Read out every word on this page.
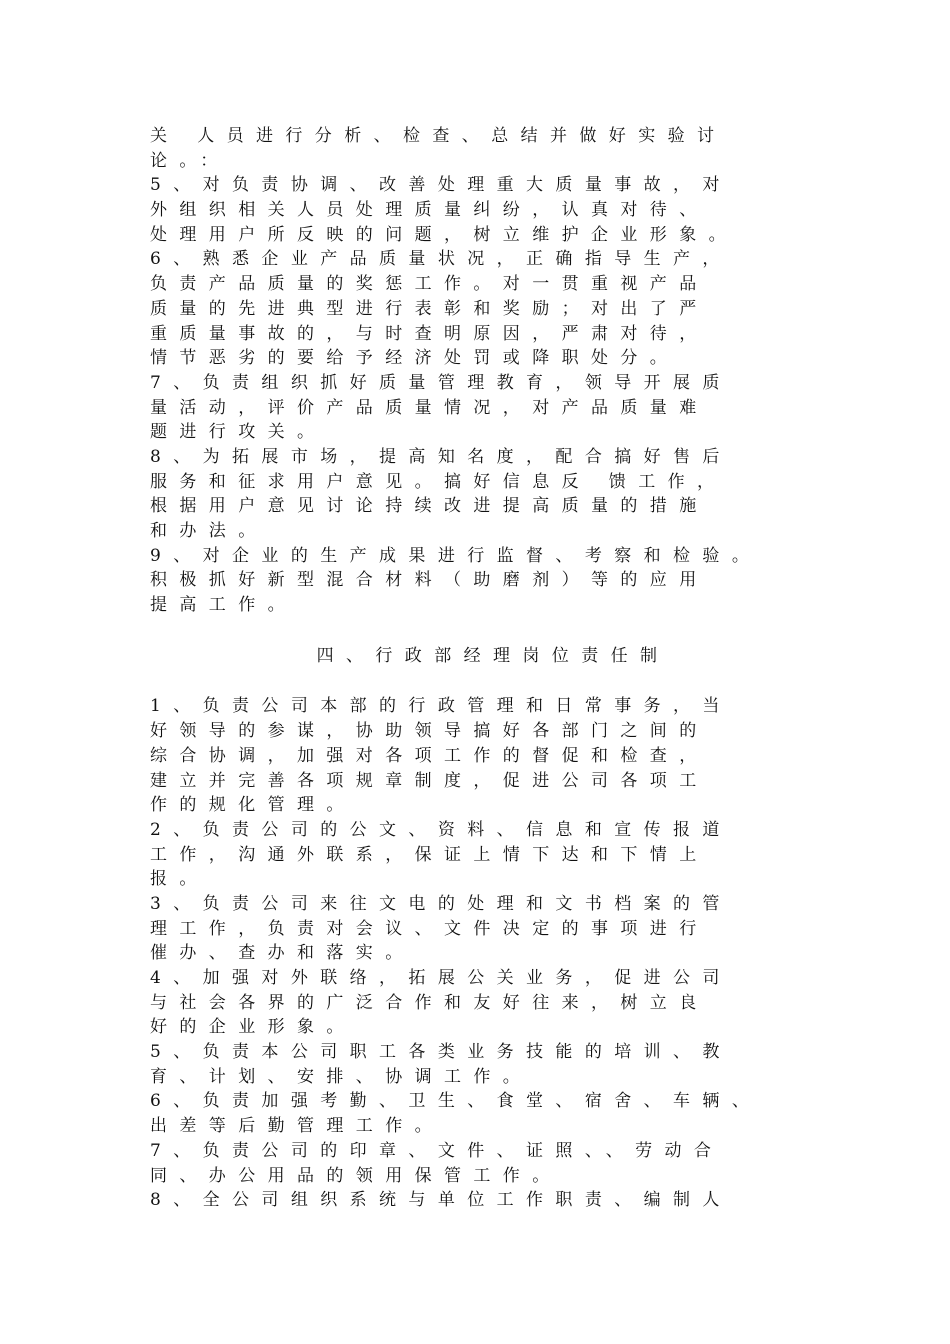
关 人员进行分析、检查、总结并做好实验讨
论。：
5、对负责协调、改善处理重大质量事故，对
外组织相关人员处理质量纠纷，认真对待、
处理用户所反映的问题，树立维护企业形象。
6、熟悉企业产品质量状况，正确指导生产，
负责产品质量的奖惩工作。对一贯重视产品
质量的先进典型进行表彰和奖励；对出了严
重质量事故的，与时查明原因，严肃对待，
情节恶劣的要给予经济处罚或降职处分。
7、负责组织抓好质量管理教育，领导开展质
量活动，评价产品质量情况，对产品质量难
题进行攻关。
8、为拓展市场，提高知名度，配合搞好售后
服务和征求用户意见。搞好信息反 馈工作，
根据用户意见讨论持续改进提高质量的措施
和办法。
9、对企业的生产成果进行监督、考察和检验。
积极抓好新型混合材料（助磨剂）等的应用
提高工作。
四、行政部经理岗位责任制
1、负责公司本部的行政管理和日常事务，当
好领导的参谋，协助领导搞好各部门之间的
综合协调，加强对各项工作的督促和检查，
建立并完善各项规章制度，促进公司各项工
作的规化管理。
2、负责公司的公文、资料、信息和宣传报道
工作，沟通外联系，保证上情下达和下情上
报。
3、负责公司来往文电的处理和文书档案的管
理工作，负责对会议、文件决定的事项进行
催办、查办和落实。
4、加强对外联络，拓展公关业务，促进公司
与社会各界的广泛合作和友好往来，树立良
好的企业形象。
5、负责本公司职工各类业务技能的培训、教
育、计划、安排、协调工作。
6、负责加强考勤、卫生、食堂、宿舍、车辆、
出差等后勤管理工作。
7、负责公司的印章、文件、证照、、劳动合
同、办公用品的领用保管工作。
8、全公司组织系统与单位工作职责、编制人
